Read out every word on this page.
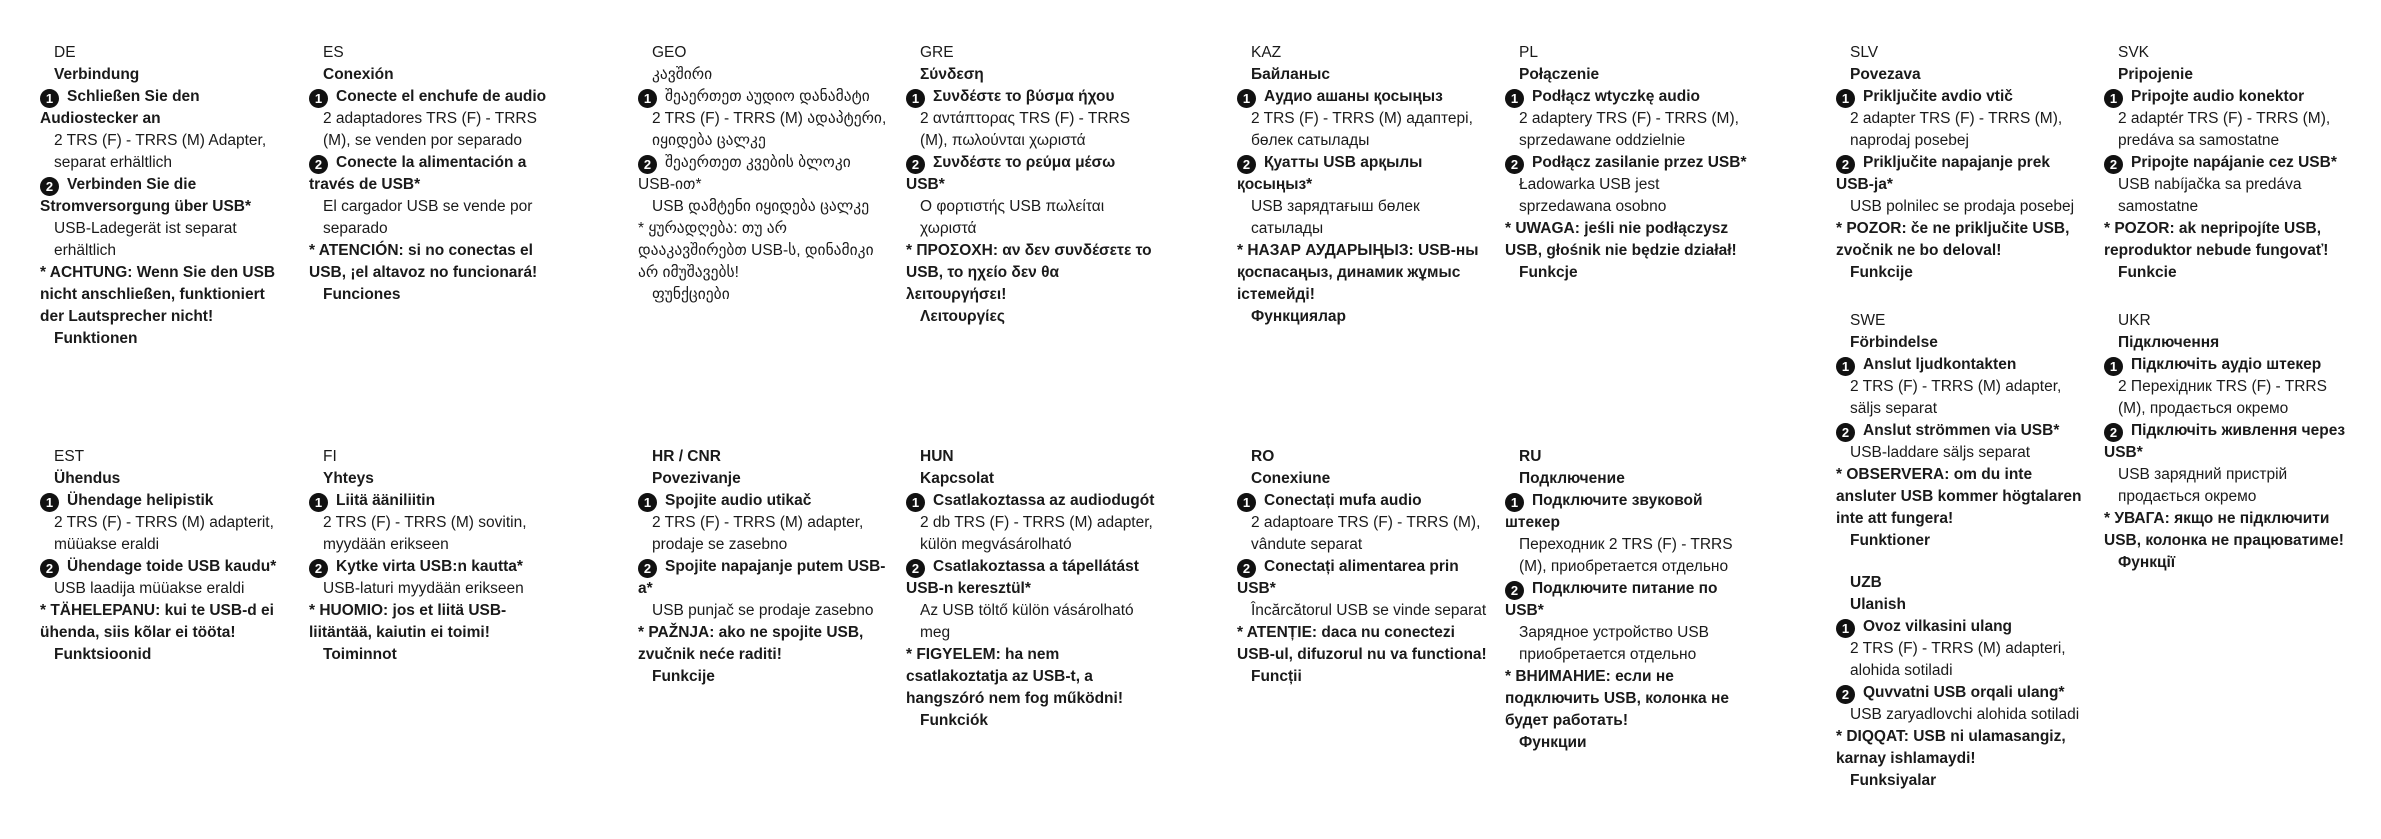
DE
Verbindung
1 Schließen Sie den Audiostecker an
2 TRS (F) - TRRS (M) Adapter, separat erhältlich
2 Verbinden Sie die Stromversorgung über USB*
USB-Ladegerät ist separat erhältlich
* ACHTUNG: Wenn Sie den USB nicht anschließen, funktioniert der Lautsprecher nicht!
Funktionen
ES
Conexión
1 Conecte el enchufe de audio
2 adaptadores TRS (F) - TRRS (M), se venden por separado
2 Conecte la alimentación a través de USB*
El cargador USB se vende por separado
* ATENCIÓN: si no conectas el USB, ¡el altavoz no funcionará!
Funciones
GEO
კავშირი
1 შეაერთეთ აუდიო დანამატი
2 TRS (F) - TRRS (M) ადაპტერი, იყიდება ცალკე
2 შეაერთეთ კვების ბლოკი USB-ით*
USB დამტენი იყიდება ცალკე
* ყურადღება: თუ არ დააკავშირებთ USB-ს, დინამიკი არ იმუშავებს!
ფუნქციები
GRE
Σύνδεση
1 Συνδέστε το βύσμα ήχου
2 αντάπτορας TRS (F) - TRRS (M), πωλούνται χωριστά
2 Συνδέστε το ρεύμα μέσω USB*
Ο φορτιστής USB πωλείται χωριστά
* ΠΡΟΣΟΧΗ: αν δεν συνδέσετε το USB, το ηχείο δεν θα λειτουργήσει!
Λειτουργίες
KAZ
Байланыс
1 Аудио ашаны қосыңыз
2 TRS (F) - TRRS (M) адаптері, бөлек сатылады
2 Қуатты USB арқылы қосыңыз*
USB зарядтағыш бөлек сатылады
* НАЗАР АУДАРЫҢЫЗ: USB-ны қоспасаңыз, динамик жұмыс істемейді!
Функциялар
PL
Połączenie
1 Podłącz wtyczkę audio
2 adaptery TRS (F) - TRRS (M), sprzedawane oddzielnie
2 Podłącz zasilanie przez USB*
Ładowarka USB jest sprzedawana osobno
* UWAGA: jeśli nie podłączysz USB, głośnik nie będzie działał!
Funkcje
SLV
Povezava
1 Priključite avdio vtič
2 adapter TRS (F) - TRRS (M), naprodaj posebej
2 Priključite napajanje prek USB-ja*
USB polnilec se prodaja posebej
* POZOR: če ne priključite USB, zvočnik ne bo deloval!
Funkcije
SVK
Pripojenie
1 Pripojte audio konektor
2 adaptér TRS (F) - TRRS (M), predáva sa samostatne
2 Pripojte napájanie cez USB*
USB nabíjačka sa predáva samostatne
* POZOR: ak nepripojíte USB, reproduktor nebude fungovať!
Funkcie
SWE
Förbindelse
1 Anslut ljudkontakten
2 TRS (F) - TRRS (M) adapter, säljs separat
2 Anslut strömmen via USB*
USB-laddare säljs separat
* OBSERVERA: om du inte ansluter USB kommer högtalaren inte att fungera!
Funktioner
UKR
Підключення
1 Підключіть аудіо штекер
2 Перехідник TRS (F) - TRRS (M), продається окремо
2 Підключіть живлення через USB*
USB зарядний пристрій продається окремо
* УВАГА: якщо не підключити USB, колонка не працюватиме!
Функції
EST
Ühendus
1 Ühendage helipistik
2 TRS (F) - TRRS (M) adapterit, müüakse eraldi
2 Ühendage toide USB kaudu*
USB laadija müüakse eraldi
* TÄHELEPANU: kui te USB-d ei ühenda, siis kõlar ei tööta!
Funktsioonid
FI
Yhteys
1 Liitä ääniliitin
2 TRS (F) - TRRS (M) sovitin, myydään erikseen
2 Kytke virta USB:n kautta*
USB-laturi myydään erikseen
* HUOMIO: jos et liitä USB-liitäntää, kaiutin ei toimi!
Toiminnot
HR / CNR
Povezivanje
1 Spojite audio utikač
2 TRS (F) - TRRS (M) adapter, prodaje se zasebno
2 Spojite napajanje putem USB-a*
USB punjač se prodaje zasebno
* PAŽNJA: ako ne spojite USB, zvučnik neće raditi!
Funkcije
HUN
Kapcsolat
1 Csatlakoztassa az audiodugót
2 db TRS (F) - TRRS (M) adapter, külön megvásárolható
2 Csatlakoztassa a tápellátást USB-n keresztül*
Az USB töltő külön vásárolható meg
* FIGYELEM: ha nem csatlakoztatja az USB-t, a hangszóró nem fog működni!
Funkciók
RO
Conexiune
1 Conectați mufa audio
2 adaptoare TRS (F) - TRRS (M), vândute separat
2 Conectați alimentarea prin USB*
Încărcătorul USB se vinde separat
* ATENȚIE: daca nu conectezi USB-ul, difuzorul nu va functiona!
Funcții
RU
Подключение
1 Подключите звуковой штекер
Переходник 2 TRS (F) - TRRS (M), приобретается отдельно
2 Подключите питание по USB*
Зарядное устройство USB приобретается отдельно
* ВНИМАНИЕ: если не подключить USB, колонка не будет работать!
Функции
UZB
Ulanish
1 Ovoz vilkasini ulang
2 TRS (F) - TRRS (M) adapteri, alohida sotiladi
2 Quvvatni USB orqali ulang*
USB zaryadlovchi alohida sotiladi
* DIQQAT: USB ni ulamasangiz, karnay ishlamaydi!
Funksiyalar
